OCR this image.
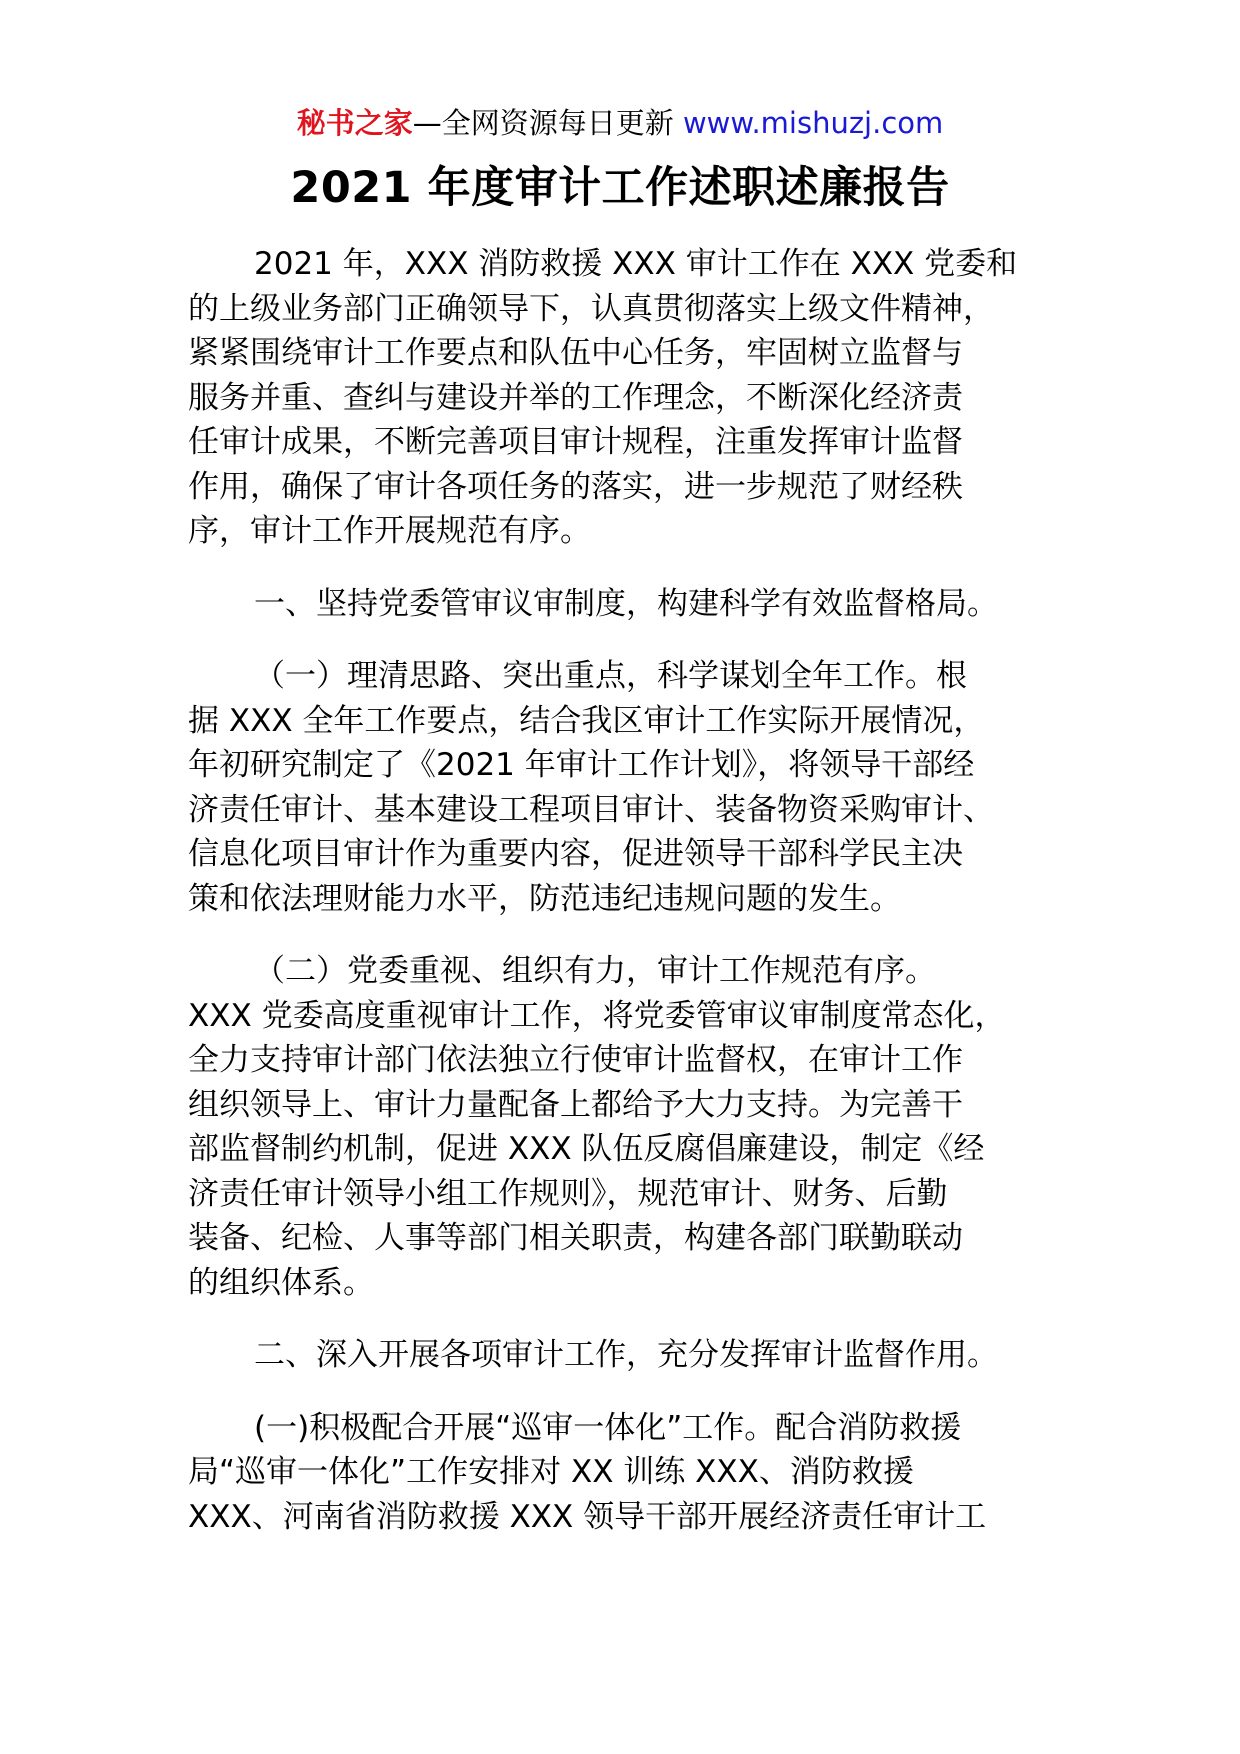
秘书之家—全网资源每日更新 www.mishuzj.com
2021 年度审计工作述职述廉报告

2021 年，XXX 消防救援 XXX 审计工作在 XXX 党委和
的上级业务部门正确领导下，认真贯彻落实上级文件精神，
紧紧围绕审计工作要点和队伍中心任务，牢固树立监督与
服务并重、查纠与建设并举的工作理念，不断深化经济责
任审计成果，不断完善项目审计规程，注重发挥审计监督
作用，确保了审计各项任务的落实，进一步规范了财经秩
序，审计工作开展规范有序。

一、坚持党委管审议审制度，构建科学有效监督格局。

（一）理清思路、突出重点，科学谋划全年工作。根
据 XXX 全年工作要点，结合我区审计工作实际开展情况，
年初研究制定了《2021 年审计工作计划》，将领导干部经
济责任审计、基本建设工程项目审计、装备物资采购审计、
信息化项目审计作为重要内容，促进领导干部科学民主决
策和依法理财能力水平，防范违纪违规问题的发生。

（二）党委重视、组织有力，审计工作规范有序。
XXX 党委高度重视审计工作，将党委管审议审制度常态化，
全力支持审计部门依法独立行使审计监督权，在审计工作
组织领导上、审计力量配备上都给予大力支持。为完善干
部监督制约机制，促进 XXX 队伍反腐倡廉建设，制定《经
济责任审计领导小组工作规则》，规范审计、财务、后勤
装备、纪检、人事等部门相关职责，构建各部门联勤联动
的组织体系。

二、深入开展各项审计工作，充分发挥审计监督作用。

(一)积极配合开展“巡审一体化”工作。配合消防救援
局“巡审一体化”工作安排对 XX 训练 XXX、消防救援
XXX、河南省消防救援 XXX 领导干部开展经济责任审计工
